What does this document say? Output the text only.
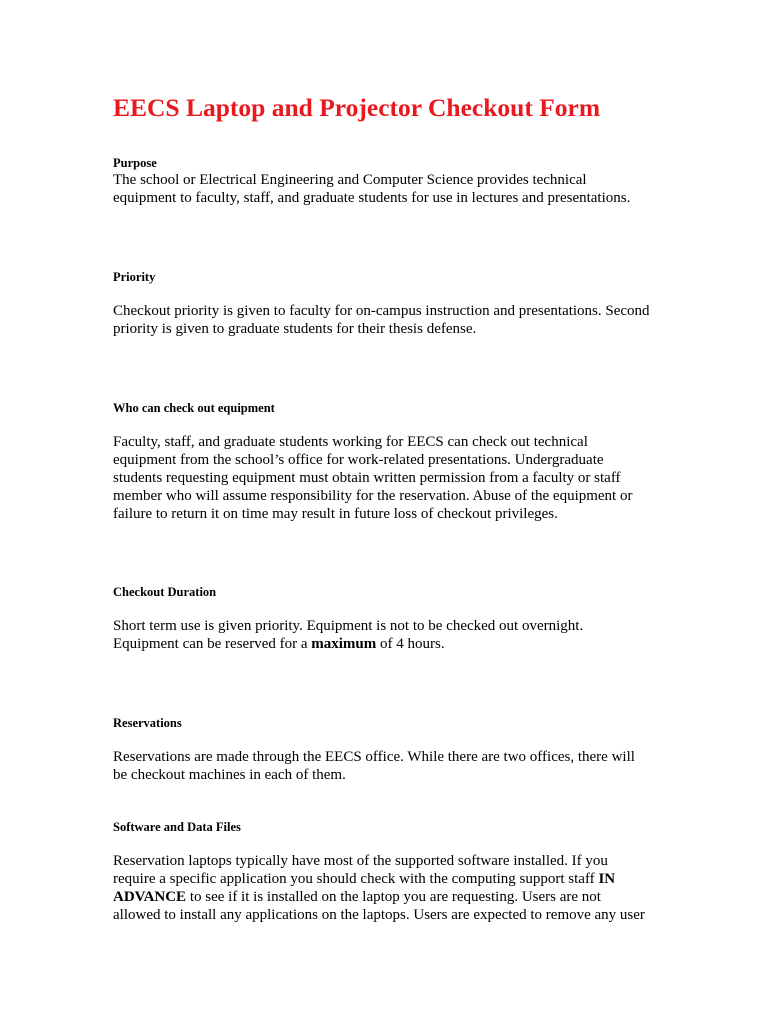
EECS Laptop and Projector Checkout Form
Purpose
The school or Electrical Engineering and Computer Science provides technical
equipment to faculty, staff, and graduate students for use in lectures and presentations.
Priority
Checkout priority is given to faculty for on-campus instruction and presentations. Second
priority is given to graduate students for their thesis defense.
Who can check out equipment
Faculty, staff, and graduate students working for EECS can check out technical
equipment from the school’s office for work-related presentations. Undergraduate
students requesting equipment must obtain written permission from a faculty or staff
member who will assume responsibility for the reservation. Abuse of the equipment or
failure to return it on time may result in future loss of checkout privileges.
Checkout Duration
Short term use is given priority. Equipment is not to be checked out overnight.
Equipment can be reserved for a maximum of 4 hours.
Reservations
Reservations are made through the EECS office. While there are two offices, there will
be checkout machines in each of them.
Software and Data Files
Reservation laptops typically have most of the supported software installed. If you
require a specific application you should check with the computing support staff IN
ADVANCE to see if it is installed on the laptop you are requesting. Users are not
allowed to install any applications on the laptops. Users are expected to remove any user
